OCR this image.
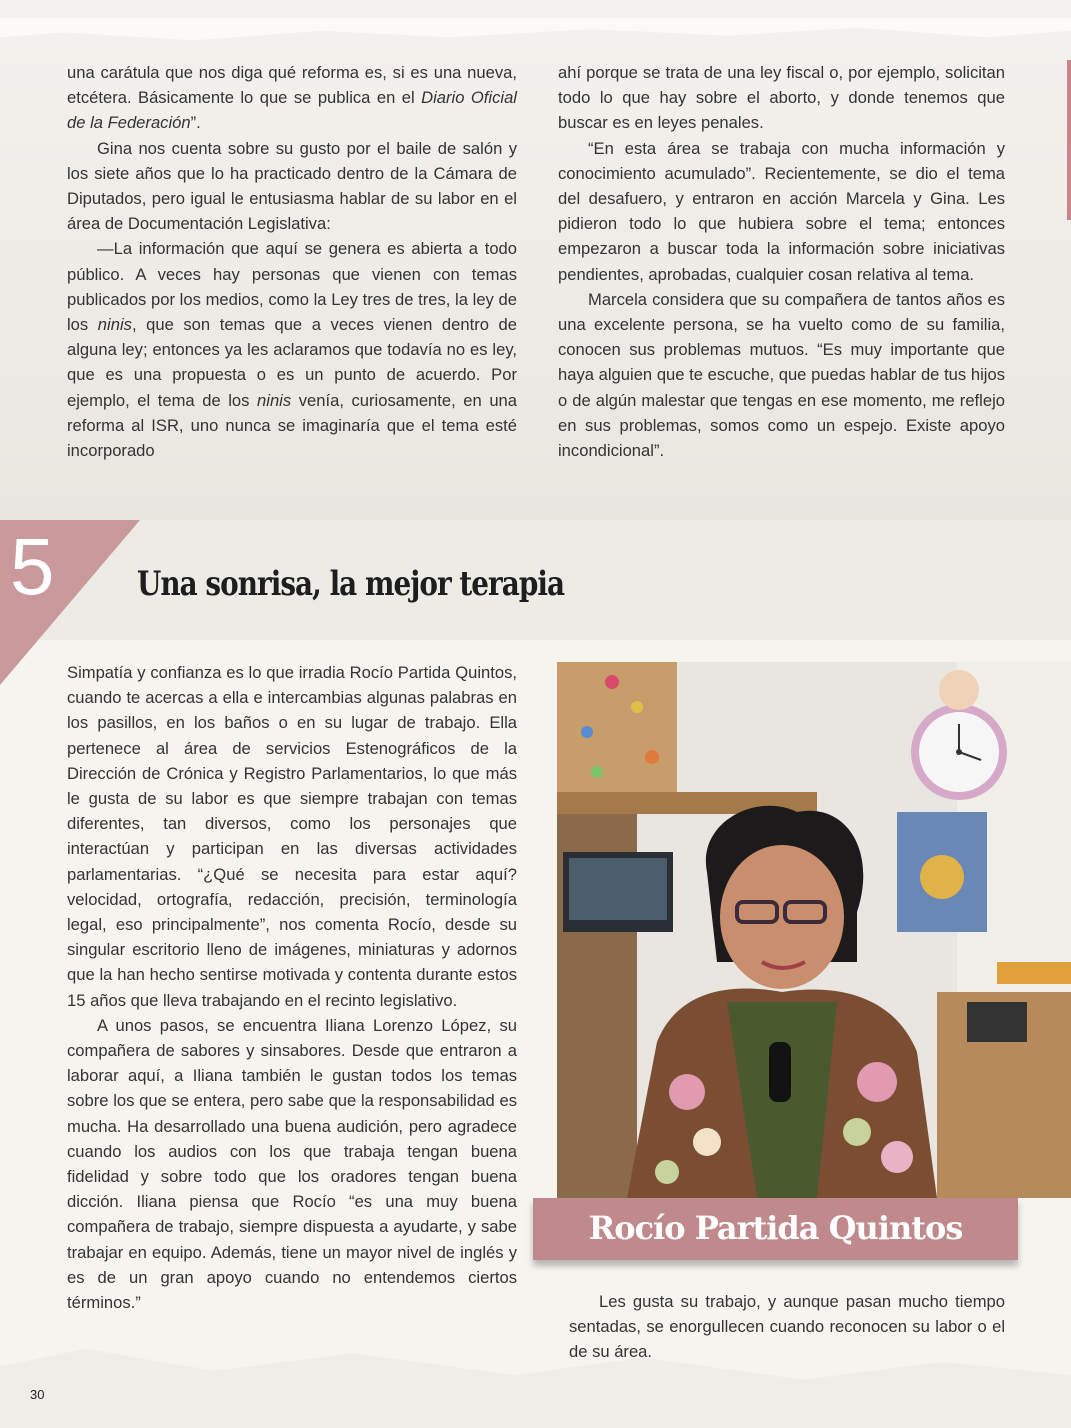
una carátula que nos diga qué reforma es, si es una nueva, etcétera. Básicamente lo que se publica en el Diario Oficial de la Federación”.

Gina nos cuenta sobre su gusto por el baile de salón y los siete años que lo ha practicado dentro de la Cámara de Diputados, pero igual le entusiasma hablar de su labor en el área de Documentación Legislativa:

—La información que aquí se genera es abierta a todo público. A veces hay personas que vienen con temas publicados por los medios, como la Ley tres de tres, la ley de los ninis, que son temas que a veces vienen dentro de alguna ley; entonces ya les aclaramos que todavía no es ley, que es una propuesta o es un punto de acuerdo. Por ejemplo, el tema de los ninis venía, curiosamente, en una reforma al ISR, uno nunca se imaginaría que el tema esté incorporado

ahí porque se trata de una ley fiscal o, por ejemplo, solicitan todo lo que hay sobre el aborto, y donde tenemos que buscar es en leyes penales.

“En esta área se trabaja con mucha información y conocimiento acumulado”. Recientemente, se dio el tema del desafuero, y entraron en acción Marcela y Gina. Les pidieron todo lo que hubiera sobre el tema; entonces empezaron a buscar toda la información sobre iniciativas pendientes, aprobadas, cualquier cosan relativa al tema.

Marcela considera que su compañera de tantos años es una excelente persona, se ha vuelto como de su familia, conocen sus problemas mutuos. “Es muy importante que haya alguien que te escuche, que puedas hablar de tus hijos o de algún malestar que tengas en ese momento, me reflejo en sus problemas, somos como un espejo. Existe apoyo incondicional”.

5 Una sonrisa, la mejor terapia

Simpatía y confianza es lo que irradia Rocío Partida Quintos, cuando te acercas a ella e intercambias algunas palabras en los pasillos, en los baños o en su lugar de trabajo. Ella pertenece al área de servicios Estenográficos de la Dirección de Crónica y Registro Parlamentarios, lo que más le gusta de su labor es que siempre trabajan con temas diferentes, tan diversos, como los personajes que interactúan y participan en las diversas actividades parlamentarias. “¿Qué se necesita para estar aquí? velocidad, ortografía, redacción, precisión, terminología legal, eso principalmente”, nos comenta Rocío, desde su singular escritorio lleno de imágenes, miniaturas y adornos que la han hecho sentirse motivada y contenta durante estos 15 años que lleva trabajando en el recinto legislativo.

A unos pasos, se encuentra Iliana Lorenzo López, su compañera de sabores y sinsabores. Desde que entraron a laborar aquí, a Iliana también le gustan todos los temas sobre los que se entera, pero sabe que la responsabilidad es mucha. Ha desarrollado una buena audición, pero agradece cuando los audios con los que trabaja tengan buena fidelidad y sobre todo que los oradores tengan buena dicción. Iliana piensa que Rocío “es una muy buena compañera de trabajo, siempre dispuesta a ayudarte, y sabe trabajar en equipo. Además, tiene un mayor nivel de inglés y es de un gran apoyo cuando no entendemos ciertos términos.”

Rocío Partida Quintos

Les gusta su trabajo, y aunque pasan mucho tiempo sentadas, se enorgullecen cuando reconocen su labor o el de su área.

30
